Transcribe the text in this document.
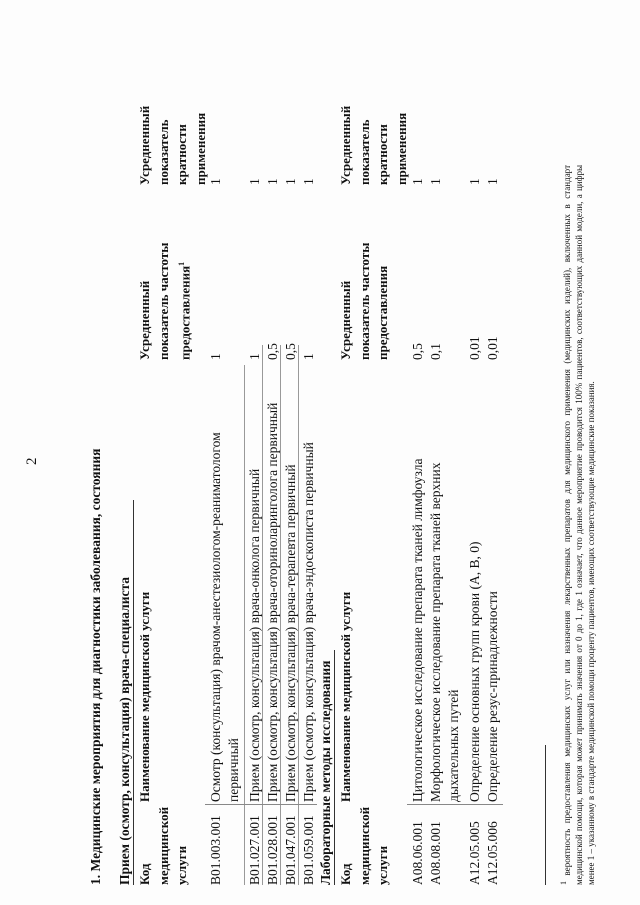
2	1. Медицинские мероприятия для диагностики заболевания, состояния Прием (осмотр, консультация) врача-специалиста Код медицинской услуги
Наименование медицинской услуги
Усредненный показатель частоты предоставления$^1$
Усредненный показатель кратности применения
B01.003.001
Осмотр (консультация) врачом-анестезиологом-реаниматологом первичный
1
1
B01.027.001
Прием (осмотр, консультация) врача-онколога первичный
1
1
B01.028.001
Прием (осмотр, консультация) врача-оториноларинголога первичный
0,5
1
B01.047.001
Прием (осмотр, консультация) врача-терапевта первичный
0,5
1
B01.059.001
Прием (осмотр, консультация) врача-эндоскописта первичный
1
1
Лабораторные методы исследования Код медицинской услуги
Наименование медицинской услуги
Усредненный показатель частоты предоставления
Усредненный показатель кратности применения
A08.06.001
Цитологическое исследование препарата тканей лимфоузла
0,5
1
A08.08.001
Морфологическое исследование препарата тканей верхних дыхательных путей
0,1
1
A12.05.005
Определение основных групп крови (A, B, 0)
0,01
1
A12.05.006
Определение резус-принадлежности
0,01
1
$^1$ вероятность предоставления медицинских услуг или назначения лекарственных препаратов для медицинского применения (медицинских изделий), включенных в стандарт медицинской помощи, которая может принимать значения от 0 до 1, где 1 означает, что данное мероприятие проводится 100% пациентов, соответствующих данной модели, а цифры менее 1 – указанному в стандарте медицинской помощи проценту пациентов, имеющих соответствующие медицинские показания.
